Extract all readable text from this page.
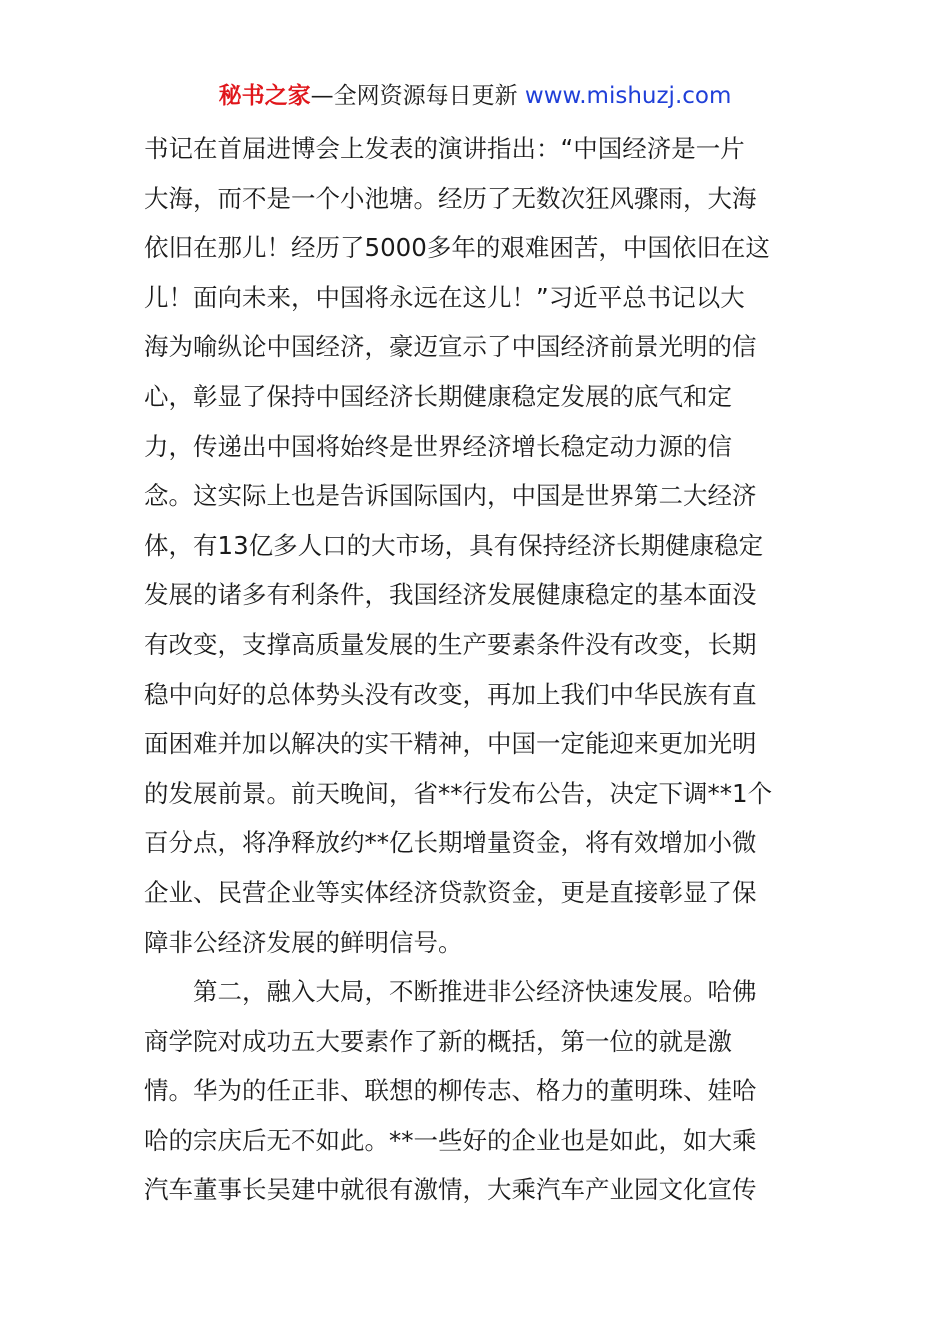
秘书之家—全网资源每日更新 www.mishuzj.com

书记在首届进博会上发表的演讲指出：“中国经济是一片
大海，而不是一个小池塘。经历了无数次狂风骤雨，大海
依旧在那儿！经历了5000多年的艰难困苦，中国依旧在这
儿！面向未来，中国将永远在这儿！”习近平总书记以大
海为喻纵论中国经济，豪迈宣示了中国经济前景光明的信
心，彰显了保持中国经济长期健康稳定发展的底气和定
力，传递出中国将始终是世界经济增长稳定动力源的信
念。这实际上也是告诉国际国内，中国是世界第二大经济
体，有13亿多人口的大市场，具有保持经济长期健康稳定
发展的诸多有利条件，我国经济发展健康稳定的基本面没
有改变，支撑高质量发展的生产要素条件没有改变，长期
稳中向好的总体势头没有改变，再加上我们中华民族有直
面困难并加以解决的实干精神，中国一定能迎来更加光明
的发展前景。前天晚间，省**行发布公告，决定下调**1个
百分点，将净释放约**亿长期增量资金，将有效增加小微
企业、民营企业等实体经济贷款资金，更是直接彰显了保
障非公经济发展的鲜明信号。

第二，融入大局，不断推进非公经济快速发展。哈佛
商学院对成功五大要素作了新的概括，第一位的就是激
情。华为的任正非、联想的柳传志、格力的董明珠、娃哈
哈的宗庆后无不如此。**一些好的企业也是如此，如大乘
汽车董事长吴建中就很有激情，大乘汽车产业园文化宣传
